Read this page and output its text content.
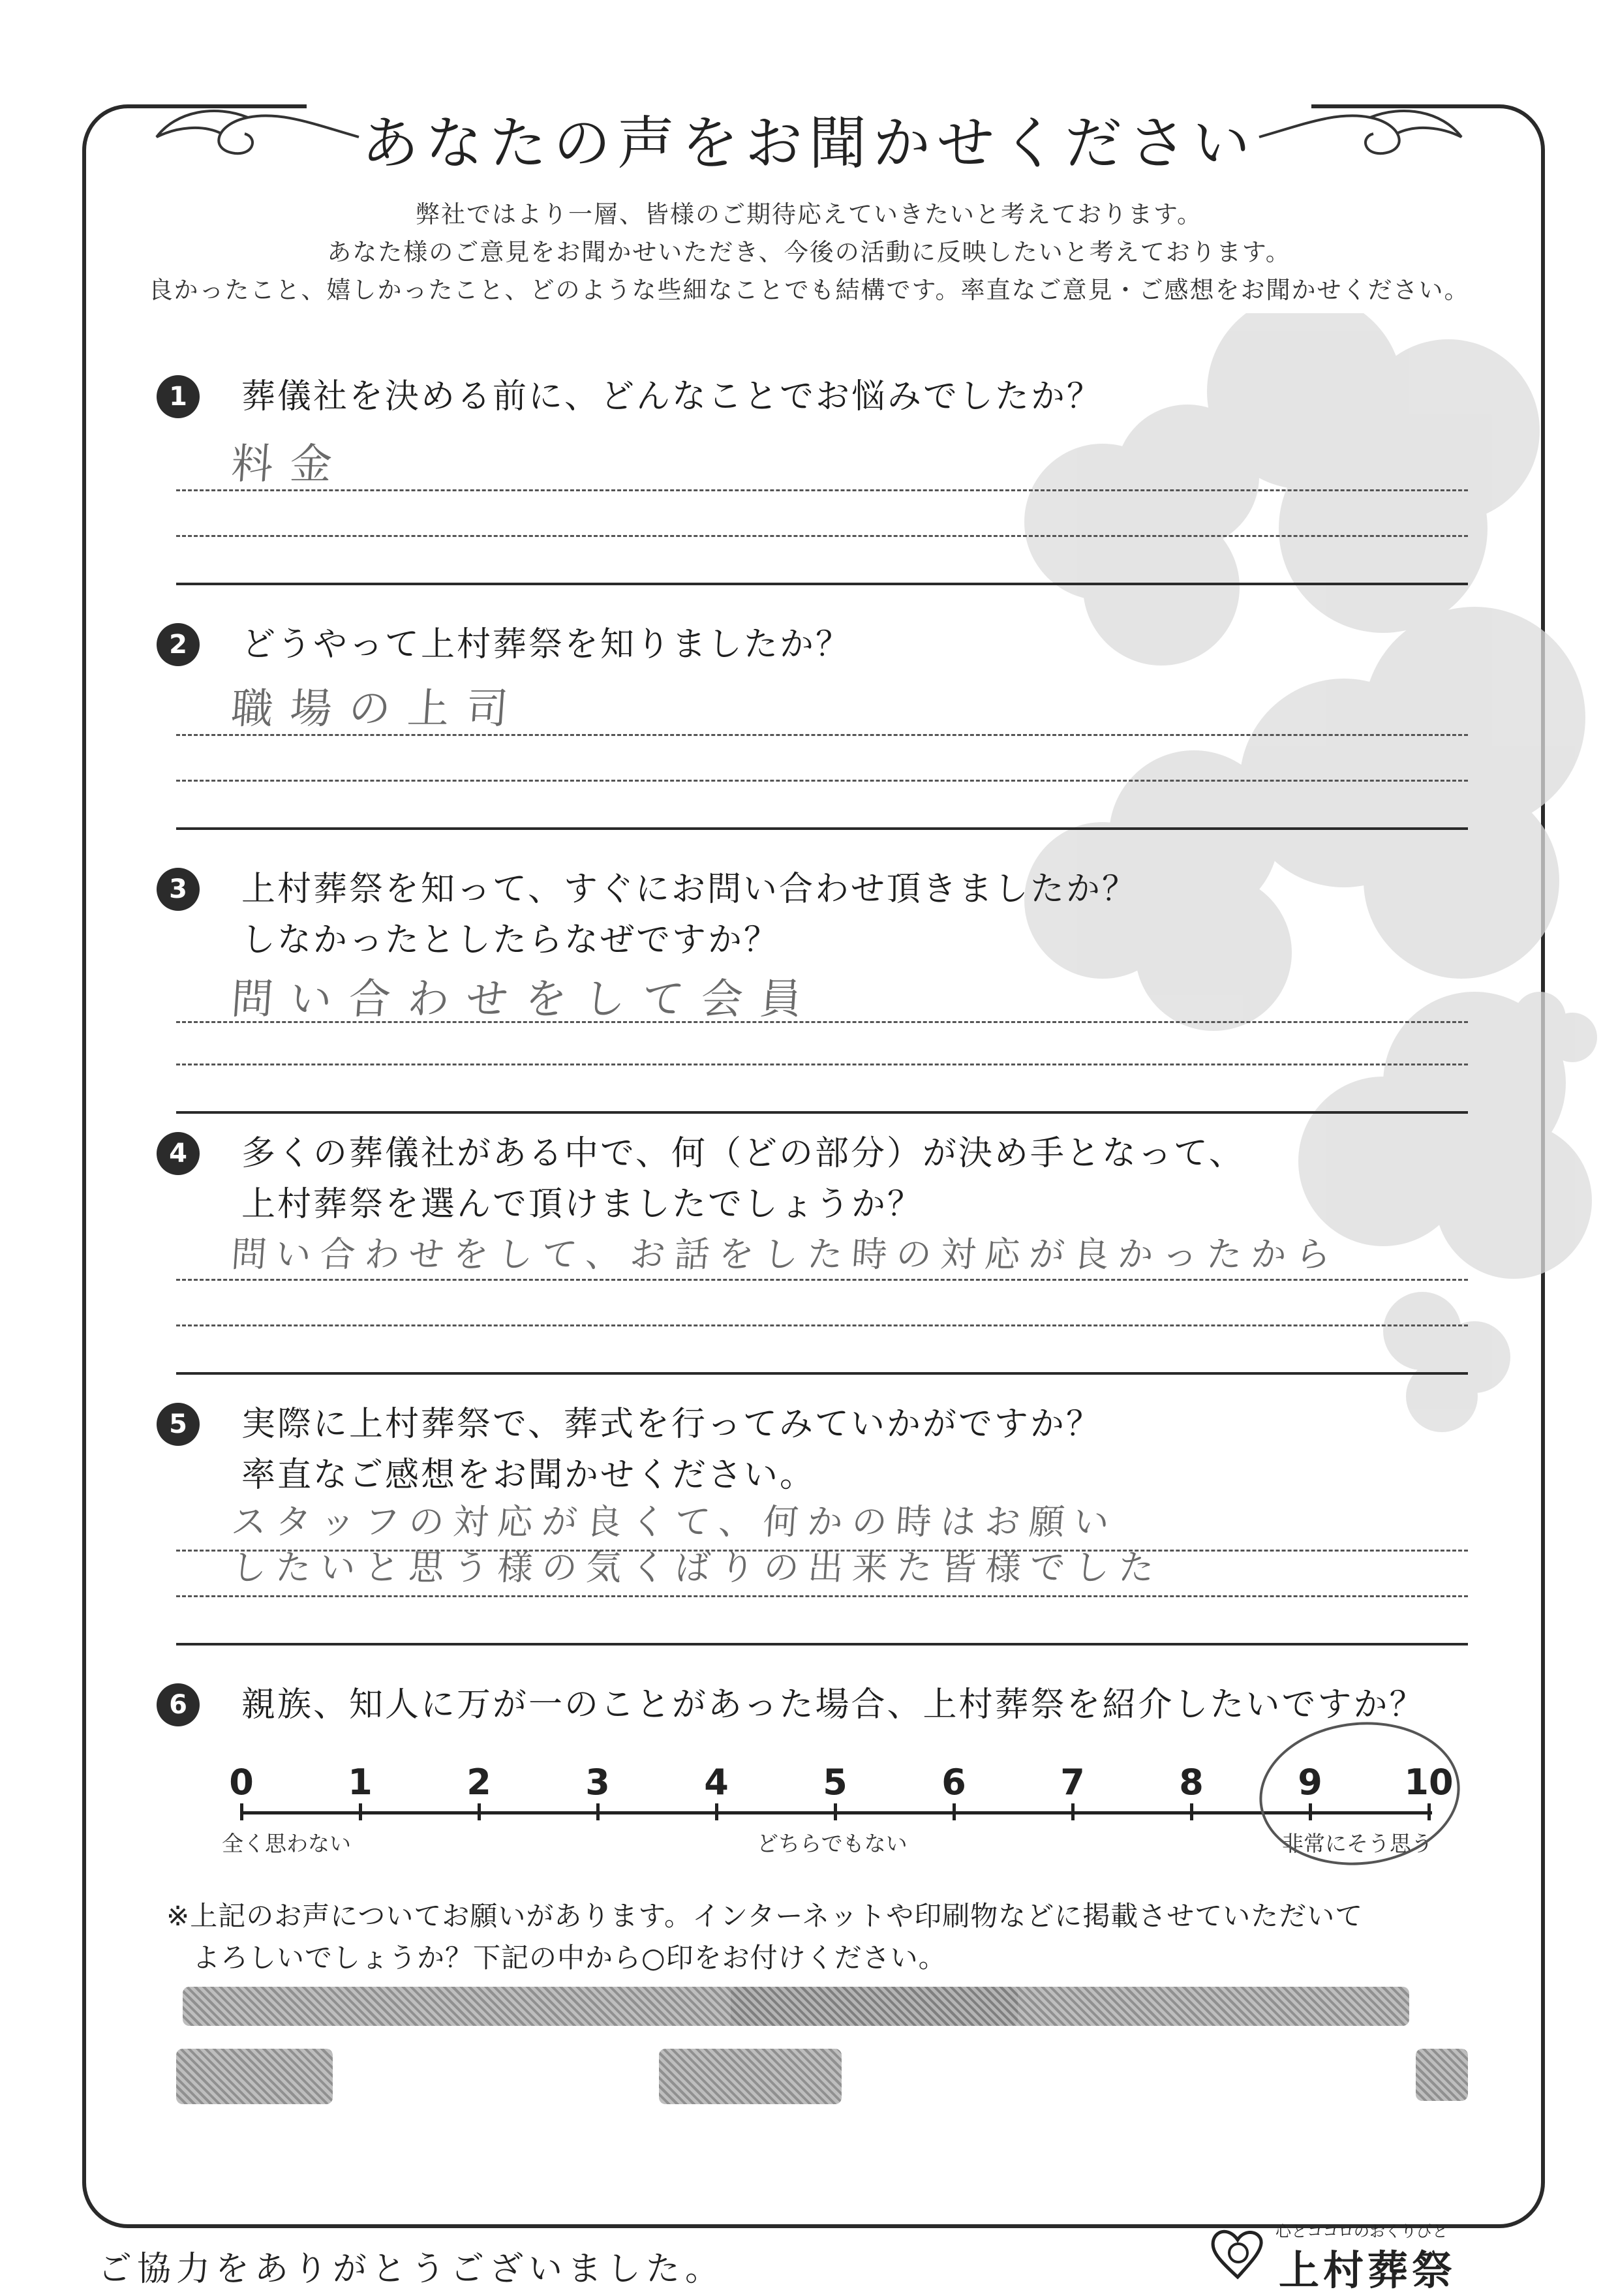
あなたの声をお聞かせください
弊社ではより一層、皆様のご期待応えていきたいと考えております。
あなた様のご意見をお聞かせいただき、今後の活動に反映したいと考えております。
良かったこと、嬉しかったこと、どのような些細なことでも結構です。率直なご意見・ご感想をお聞かせください。
1	葬儀社を決める前に、どんなことでお悩みでしたか？
料金
2	どうやって上村葬祭を知りましたか？
職場の上司
3	上村葬祭を知って、すぐにお問い合わせ頂きましたか？
しなかったとしたらなぜですか？
問い合わせをして会員
4	多くの葬儀社がある中で、何（どの部分）が決め手となって、
上村葬祭を選んで頂けましたでしょうか？
問い合わせをして、お話をした時の対応が良かったから
5	実際に上村葬祭で、葬式を行ってみていかがですか？
率直なご感想をお聞かせください。
スタッフの対応が良くて、何かの時はお願い
したいと思う様の気くばりの出来た皆様でした
6	親族、知人に万が一のことがあった場合、上村葬祭を紹介したいですか？
0	1	2	3	4	5	6	7	8	9	10
全く思わない	どちらでもない	非常にそう思う
※上記のお声についてお願いがあります。インターネットや印刷物などに掲載させていただいて
よろしいでしょうか？下記の中から○印をお付けください。
ご協力をありがとうございました。
心とココロのおくりびと
上村葬祭
